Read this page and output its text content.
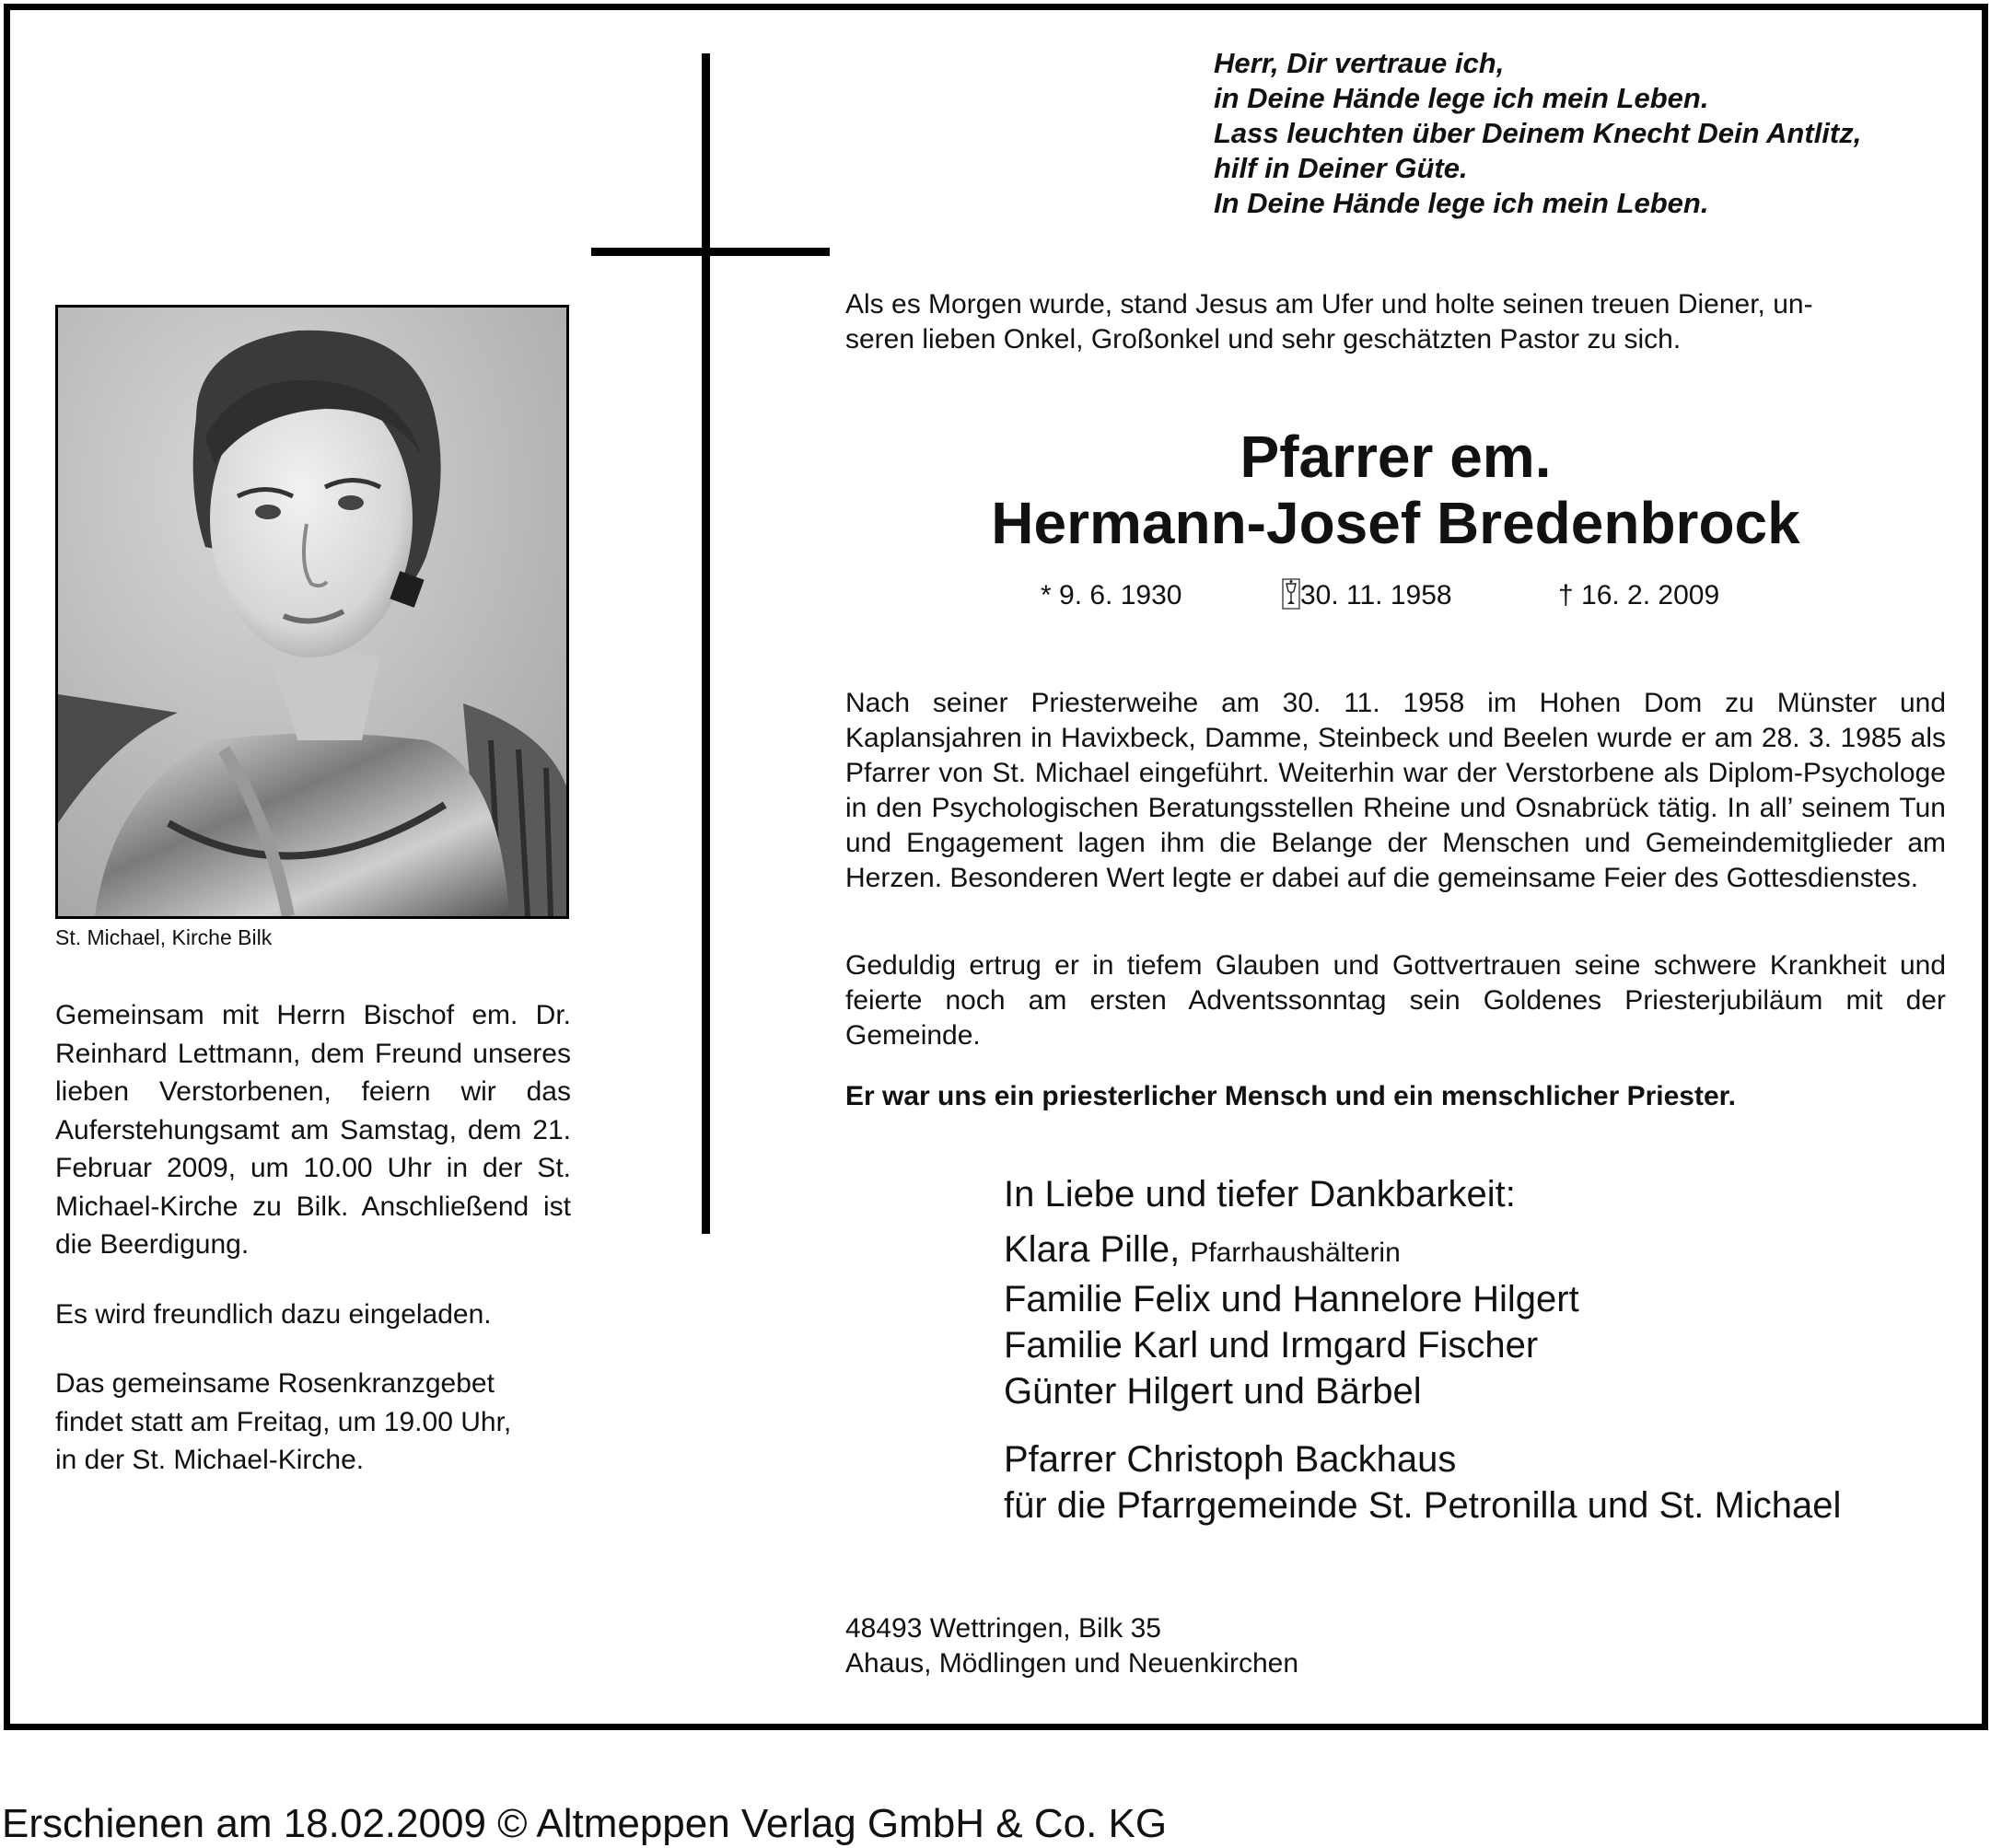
Herr, Dir vertraue ich,
in Deine Hände lege ich mein Leben.
Lass leuchten über Deinem Knecht Dein Antlitz,
hilf in Deiner Güte.
In Deine Hände lege ich mein Leben.
Als es Morgen wurde, stand Jesus am Ufer und holte seinen treuen Diener, un-
seren lieben Onkel, Großonkel und sehr geschätzten Pastor zu sich.
Pfarrer em.
Hermann-Josef Bredenbrock
* 9. 6. 1930	30. 11. 1958	† 16. 2. 2009
Nach seiner Priesterweihe am 30. 11. 1958 im Hohen Dom zu Münster und Kaplansjahren in Havixbeck, Damme, Steinbeck und Beelen wurde er am 28. 3. 1985 als Pfarrer von St. Michael eingeführt. Weiterhin war der Verstorbene als Diplom-Psychologe in den Psychologischen Beratungsstellen Rheine und Osnabrück tätig. In all’ seinem Tun und Engagement lagen ihm die Belange der Menschen und Gemeindemitglieder am Herzen. Besonderen Wert legte er dabei auf die gemeinsame Feier des Gottesdienstes.
Geduldig ertrug er in tiefem Glauben und Gottvertrauen seine schwere Krankheit und feierte noch am ersten Adventssonntag sein Goldenes Priesterjubiläum mit der Gemeinde.
Er war uns ein priesterlicher Mensch und ein menschlicher Priester.
In Liebe und tiefer Dankbarkeit:
Klara Pille, Pfarrhaushälterin
Familie Felix und Hannelore Hilgert
Familie Karl und Irmgard Fischer
Günter Hilgert und Bärbel
Pfarrer Christoph Backhaus
für die Pfarrgemeinde St. Petronilla und St. Michael
48493 Wettringen, Bilk 35
Ahaus, Mödlingen und Neuenkirchen
St. Michael, Kirche Bilk

Gemeinsam mit Herrn Bischof em. Dr. Reinhard Lettmann, dem Freund unseres lieben Verstorbenen, feiern wir das Auferstehungsamt am Samstag, dem 21. Februar 2009, um 10.00 Uhr in der St. Michael-Kirche zu Bilk. Anschließend ist die Beerdigung.

Es wird freundlich dazu eingeladen.

Das gemeinsame Rosenkranzgebet
findet statt am Freitag, um 19.00 Uhr,
in der St. Michael-Kirche.

Erschienen am 18.02.2009 © Altmeppen Verlag GmbH & Co. KG
